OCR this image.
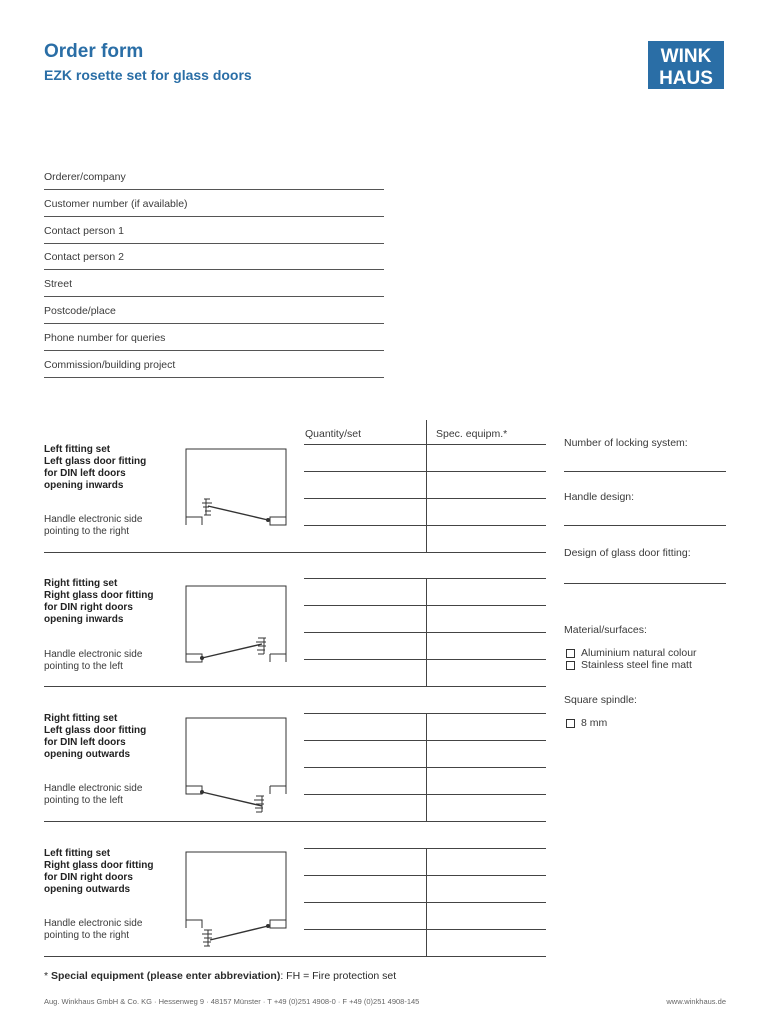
Order form
EZK rosette set for glass doors
WINK
HAUS
Orderer/company
Customer number (if available)
Contact person 1
Contact person 2
Street
Postcode/place
Phone number for queries
Commission/building project
Quantity/set	Spec. equipm.*
Left fitting set
Left glass door fitting
for DIN left doors
opening inwards
Handle electronic side
pointing to the right
Right fitting set
Right glass door fitting
for DIN right doors
opening inwards
Handle electronic side
pointing to the left
Right fitting set
Left glass door fitting
for DIN left doors
opening outwards
Handle electronic side
pointing to the left
Left fitting set
Right glass door fitting
for DIN right doors
opening outwards
Handle electronic side
pointing to the right
Number of locking system:
Handle design:
Design of glass door fitting:
Material/surfaces:
Aluminium natural colour
Stainless steel fine matt
Square spindle:
8 mm
* Special equipment (please enter abbreviation): FH = Fire protection set
Aug. Winkhaus GmbH & Co. KG · Hessenweg 9 · 48157 Münster · T +49 (0)251 4908-0 · F +49 (0)251 4908-145	www.winkhaus.de
